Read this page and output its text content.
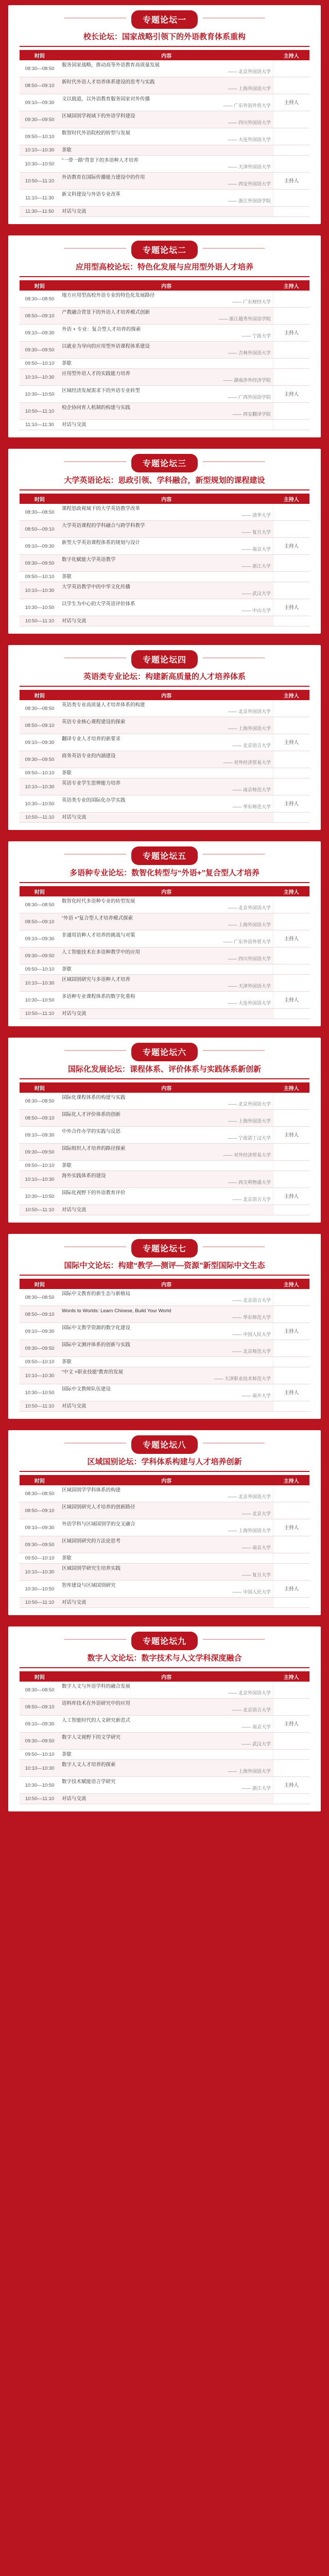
专题论坛一
校长论坛：国家战略引领下的外语教育体系重构
时间	内容	主持人
08:30—08:50	服务国家战略，推动高等外语教育高质量发展
—— 北京外国语大学	

08:50—09:10	新时代外语人才培养体系建设的思考与实践
—— 上海外国语大学	

09:10—09:30	文以载道，以外语教育服务国家对外传播
—— 广东外语外贸大学	主持人
09:30—09:50	区域国别学视域下的外语学科建设
—— 四川外国语大学	

09:50—10:10	数智时代外语院校的转型与发展
—— 大连外国语大学	

10:10—10:30	茶歇	
10:30—10:50	“一带一路”背景下的多语种人才培养
—— 天津外国语大学	

10:50—11:10	外语教育在国际传播能力建设中的作用
—— 西安外国语大学	主持人
11:10—11:30	新文科建设与外语专业改革
—— 浙江外国语学院	

11:30—11:50	对话与交流	
专题论坛二
应用型高校论坛：特色化发展与应用型外语人才培养
时间	内容	主持人
08:30—08:50	地方应用型高校外语专业的特色化发展路径
—— 广东财经大学	

08:50—09:10	产教融合背景下的外语人才培养模式创新
—— 浙江越秀外国语学院	

09:10—09:30	外语 + 专业：复合型人才培养的探索
—— 宁波大学	主持人
09:30—09:50	以就业为导向的应用型外语课程体系建设
—— 吉林外国语大学	

09:50—10:10	茶歇	
10:10—10:30	应用型外语人才的实践能力培养
—— 湖南涉外经济学院	

10:30—10:50	区域经济发展需求下的外语专业转型
—— 广西外国语学院	主持人
10:50—11:10	校企协同育人机制的构建与实践
—— 西安翻译学院	

11:10—11:30	对话与交流	
专题论坛三
大学英语论坛：思政引领、学科融合，新型规划的课程建设
时间	内容	主持人
08:30—08:50	课程思政视域下的大学英语教学改革
—— 清华大学	

08:50—09:10	大学英语课程的学科融合与跨学科教学
—— 复旦大学	

09:10—09:30	新型大学英语课程体系的规划与设计
—— 南京大学	主持人
09:30—09:50	数字化赋能大学英语教学
—— 浙江大学	

09:50—10:10	茶歇	
10:10—10:30	大学英语教学中的中华文化传播
—— 武汉大学	

10:30—10:50	以学生为中心的大学英语评价体系
—— 中山大学	主持人
10:50—11:10	对话与交流	
专题论坛四
英语类专业论坛：构建新高质量的人才培养体系
时间	内容	主持人
08:30—08:50	英语类专业高质量人才培养体系的构建
—— 北京外国语大学	

08:50—09:10	英语专业核心课程建设的探索
—— 上海外国语大学	

09:10—09:30	翻译专业人才培养的新要求
—— 北京语言大学	主持人
09:30—09:50	商务英语专业的内涵建设
—— 对外经济贸易大学	

09:50—10:10	茶歇	
10:10—10:30	英语专业学生思辨能力培养
—— 南京师范大学	

10:30—10:50	英语类专业的国际化办学实践
—— 华东师范大学	主持人
10:50—11:10	对话与交流	
专题论坛五
多语种专业论坛：数智化转型与“外语+”复合型人才培养
时间	内容	主持人
08:30—08:50	数智化时代多语种专业的转型发展
—— 北京外国语大学	

08:50—09:10	“外语 +”复合型人才培养模式探索
—— 上海外国语大学	

09:10—09:30	非通用语种人才培养的挑战与对策
—— 广东外语外贸大学	主持人
09:30—09:50	人工智能技术在多语种教学中的应用
—— 四川外国语大学	

09:50—10:10	茶歇	
10:10—10:30	区域国别研究与多语种人才培养
—— 天津外国语大学	

10:30—10:50	多语种专业课程体系的数字化重构
—— 大连外国语大学	主持人
10:50—11:10	对话与交流	
专题论坛六
国际化发展论坛：课程体系、评价体系与实践体系新创新
时间	内容	主持人
08:30—08:50	国际化课程体系的构建与实践
—— 北京外国语大学	

08:50—09:10	国际化人才评价体系的创新
—— 上海外国语大学	

09:10—09:30	中外合作办学的实践与反思
—— 宁波诺丁汉大学	主持人
09:30—09:50	国际组织人才培养的路径探索
—— 对外经济贸易大学	

09:50—10:10	茶歇	
10:10—10:30	海外实践体系的建设
—— 西交利物浦大学	

10:30—10:50	国际化视野下的外语教育评价
—— 北京语言大学	主持人
10:50—11:10	对话与交流	
专题论坛七
国际中文论坛：构建“教学—测评—资源”新型国际中文生态
时间	内容	主持人
08:30—08:50	国际中文教育的新生态与新格局
—— 北京语言大学	

08:50—09:10	Words to Worlds: Learn Chinese, Build Your World
—— 华东师范大学	

09:10—09:30	国际中文教学资源的数字化建设
—— 中国人民大学	主持人
09:30—09:50	国际中文测评体系的创新与实践
—— 北京师范大学	

09:50—10:10	茶歇	
10:10—10:30	“中文 +职业技能”教育的发展
—— 天津职业技术师范大学	

10:30—10:50	国际中文教师队伍建设
—— 南开大学	主持人
10:50—11:10	对话与交流	
专题论坛八
区域国别论坛：学科体系构建与人才培养创新
时间	内容	主持人
08:30—08:50	区域国别学学科体系的构建
—— 北京外国语大学	

08:50—09:10	区域国别研究人才培养的创新路径
—— 北京大学	

09:10—09:30	外语学科与区域国别学的交叉融合
—— 上海外国语大学	主持人
09:30—09:50	区域国别研究的方法论思考
—— 南京大学	

09:50—10:10	茶歇	
10:10—10:30	区域国别学研究生培养实践
—— 复旦大学	

10:30—10:50	智库建设与区域国别研究
—— 中国人民大学	主持人
10:50—11:10	对话与交流	
专题论坛九
数字人文论坛：数字技术与人文学科深度融合
时间	内容	主持人
08:30—08:50	数字人文与外语学科的融合发展
—— 北京外国语大学	

08:50—09:10	语料库技术在外语研究中的应用
—— 北京语言大学	

09:10—09:30	人工智能时代的人文研究新范式
—— 南京大学	主持人
09:30—09:50	数字人文视野下的文学研究
—— 武汉大学	

09:50—10:10	茶歇	
10:10—10:30	数字人文人才培养的探索
—— 上海外国语大学	

10:30—10:50	数字技术赋能语言学研究
—— 浙江大学	主持人
10:50—11:10	对话与交流	
